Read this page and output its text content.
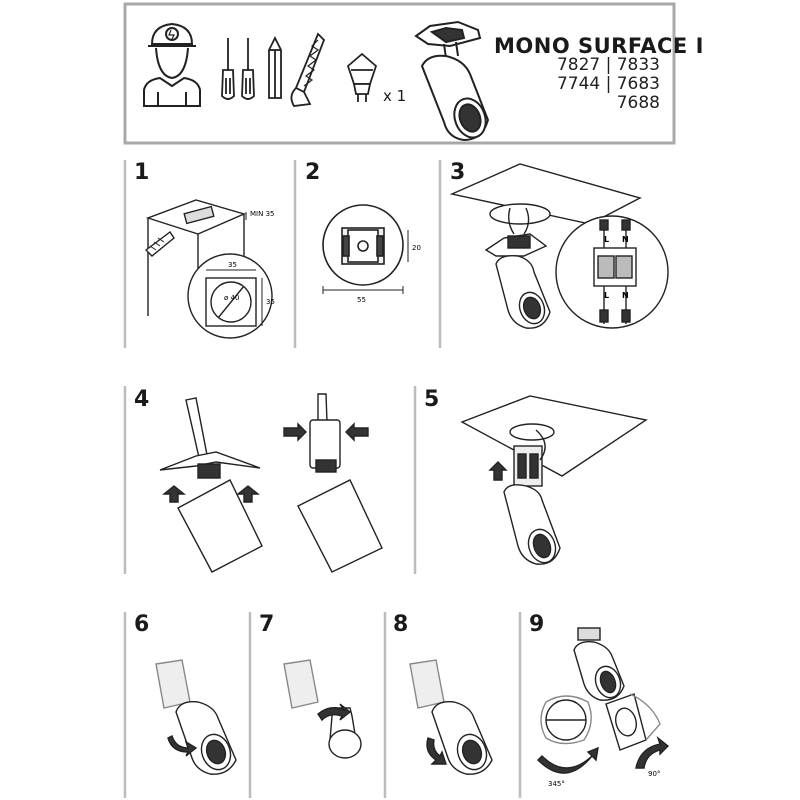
MIN 35
35
35
ø 40	55
20
L N
L N
345°
90°
MONO SURFACE I
7827 | 7833
7744 | 7683
7688
x 1
1	2	3
4	5
6	7	8	9
